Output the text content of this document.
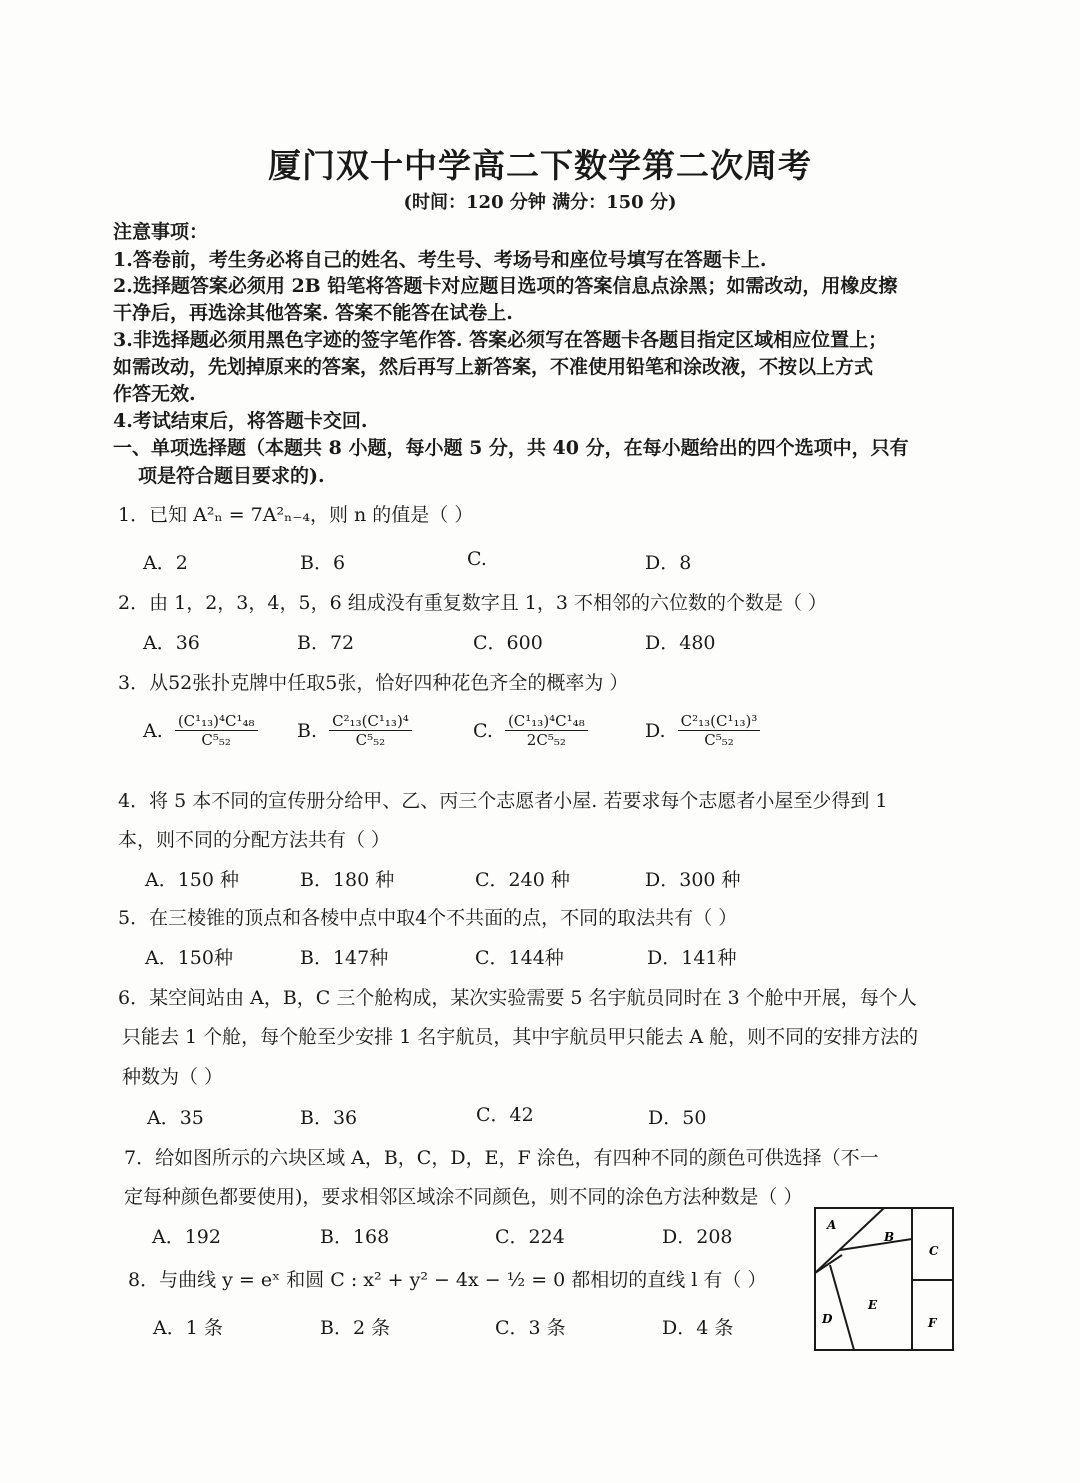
厦门双十中学高二下数学第二次周考
(时间：120 分钟 满分：150 分)
注意事项：
1.答卷前，考生务必将自己的姓名、考生号、考场号和座位号填写在答题卡上.
2.选择题答案必须用 2B 铅笔将答题卡对应题目选项的答案信息点涂黑；如需改动，用橡皮擦
干净后，再选涂其他答案. 答案不能答在试卷上.
3.非选择题必须用黑色字迹的签字笔作答. 答案必须写在答题卡各题目指定区域相应位置上；
如需改动，先划掉原来的答案，然后再写上新答案，不准使用铅笔和涂改液，不按以上方式
作答无效.
4.考试结束后，将答题卡交回.
一、单项选择题（本题共 8 小题，每小题 5 分，共 40 分，在每小题给出的四个选项中，只有
项是符合题目要求的).
1．已知 A²ₙ = 7A²ₙ₋₄，则 n 的值是（ ）
A．2	B．6	C.	D．8
2．由 1，2，3，4，5，6 组成没有重复数字且 1，3 不相邻的六位数的个数是（ ）
A．36	B．72	C．600	D．480
3．从52张扑克牌中任取5张，恰好四种花色齐全的概率为 ）
A. $\frac{\text{(C¹₁₃)⁴C¹₄₈}}{\text{C⁵₅₂}} B$. $\frac{\text{C²₁₃(C¹₁₃)⁴}}{\text{C⁵₅₂}}$	C. $\frac{\text{(C¹₁₃)⁴C¹₄₈}}{\text{2C⁵₅₂}}$	D. $\frac{\text{C²₁₃(C¹₁₃)³}}{\text{C⁵₅₂}}$
4．将 5 本不同的宣传册分给甲、乙、丙三个志愿者小屋. 若要求每个志愿者小屋至少得到 1
本，则不同的分配方法共有（ ）
A．150 种	B．180 种	C．240 种	D．300 种
5．在三棱锥的顶点和各棱中点中取4个不共面的点，不同的取法共有（ ）
A．150种	B．147种	C．144种	D．141种
6．某空间站由 A，B，C 三个舱构成，某次实验需要 5 名宇航员同时在 3 个舱中开展，每个人
只能去 1 个舱，每个舱至少安排 1 名宇航员，其中宇航员甲只能去 A 舱，则不同的安排方法的
种数为（ ）
A．35	B．36	C．42	D．50
7．给如图所示的六块区域 A，B，C，D，E，F 涂色，有四种不同的颜色可供选择（不一
定每种颜色都要使用)，要求相邻区域涂不同颜色，则不同的涂色方法种数是（ ）
A．192	B．168	C．224	D．208
8．与曲线 y = eˣ 和圆 C : x² + y² − 4x − ½ = 0 都相切的直线 l 有（ ）
A．1 条	B．2 条	C．3 条	D．4 条
A
B
C
D
E
F
